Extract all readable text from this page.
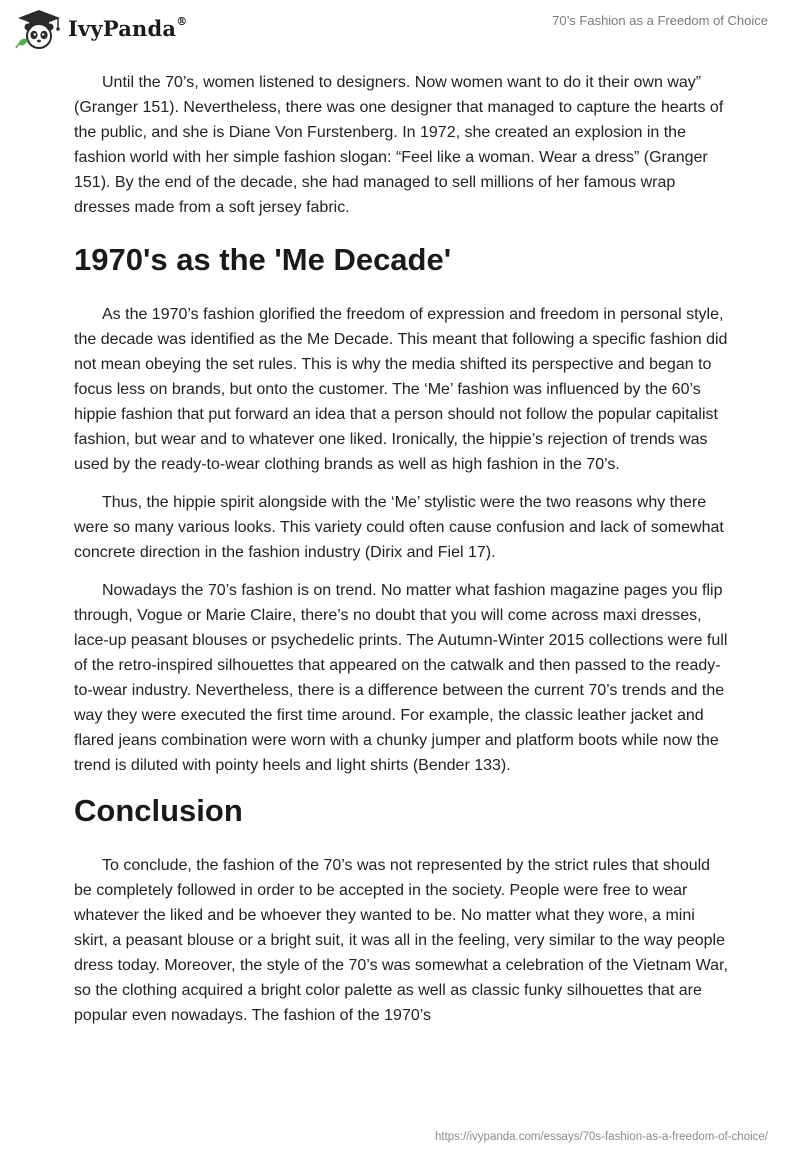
IvyPanda®	70’s Fashion as a Freedom of Choice

Until the 70’s, women listened to designers. Now women want to do it their own way” (Granger 151). Nevertheless, there was one designer that managed to capture the hearts of the public, and she is Diane Von Furstenberg. In 1972, she created an explosion in the fashion world with her simple fashion slogan: “Feel like a woman. Wear a dress” (Granger 151). By the end of the decade, she had managed to sell millions of her famous wrap dresses made from a soft jersey fabric.

1970's as the 'Me Decade'

As the 1970’s fashion glorified the freedom of expression and freedom in personal style, the decade was identified as the Me Decade. This meant that following a specific fashion did not mean obeying the set rules. This is why the media shifted its perspective and began to focus less on brands, but onto the customer. The ‘Me’ fashion was influenced by the 60’s hippie fashion that put forward an idea that a person should not follow the popular capitalist fashion, but wear and to whatever one liked. Ironically, the hippie’s rejection of trends was used by the ready-to-wear clothing brands as well as high fashion in the 70’s.

Thus, the hippie spirit alongside with the ‘Me’ stylistic were the two reasons why there were so many various looks. This variety could often cause confusion and lack of somewhat concrete direction in the fashion industry (Dirix and Fiel 17).

Nowadays the 70’s fashion is on trend. No matter what fashion magazine pages you flip through, Vogue or Marie Claire, there’s no doubt that you will come across maxi dresses, lace-up peasant blouses or psychedelic prints. The Autumn-Winter 2015 collections were full of the retro-inspired silhouettes that appeared on the catwalk and then passed to the ready-to-wear industry. Nevertheless, there is a difference between the current 70’s trends and the way they were executed the first time around. For example, the classic leather jacket and flared jeans combination were worn with a chunky jumper and platform boots while now the trend is diluted with pointy heels and light shirts (Bender 133).

Conclusion

To conclude, the fashion of the 70’s was not represented by the strict rules that should be completely followed in order to be accepted in the society. People were free to wear whatever the liked and be whoever they wanted to be. No matter what they wore, a mini skirt, a peasant blouse or a bright suit, it was all in the feeling, very similar to the way people dress today. Moreover, the style of the 70’s was somewhat a celebration of the Vietnam War, so the clothing acquired a bright color palette as well as classic funky silhouettes that are popular even nowadays. The fashion of the 1970’s

https://ivypanda.com/essays/70s-fashion-as-a-freedom-of-choice/
